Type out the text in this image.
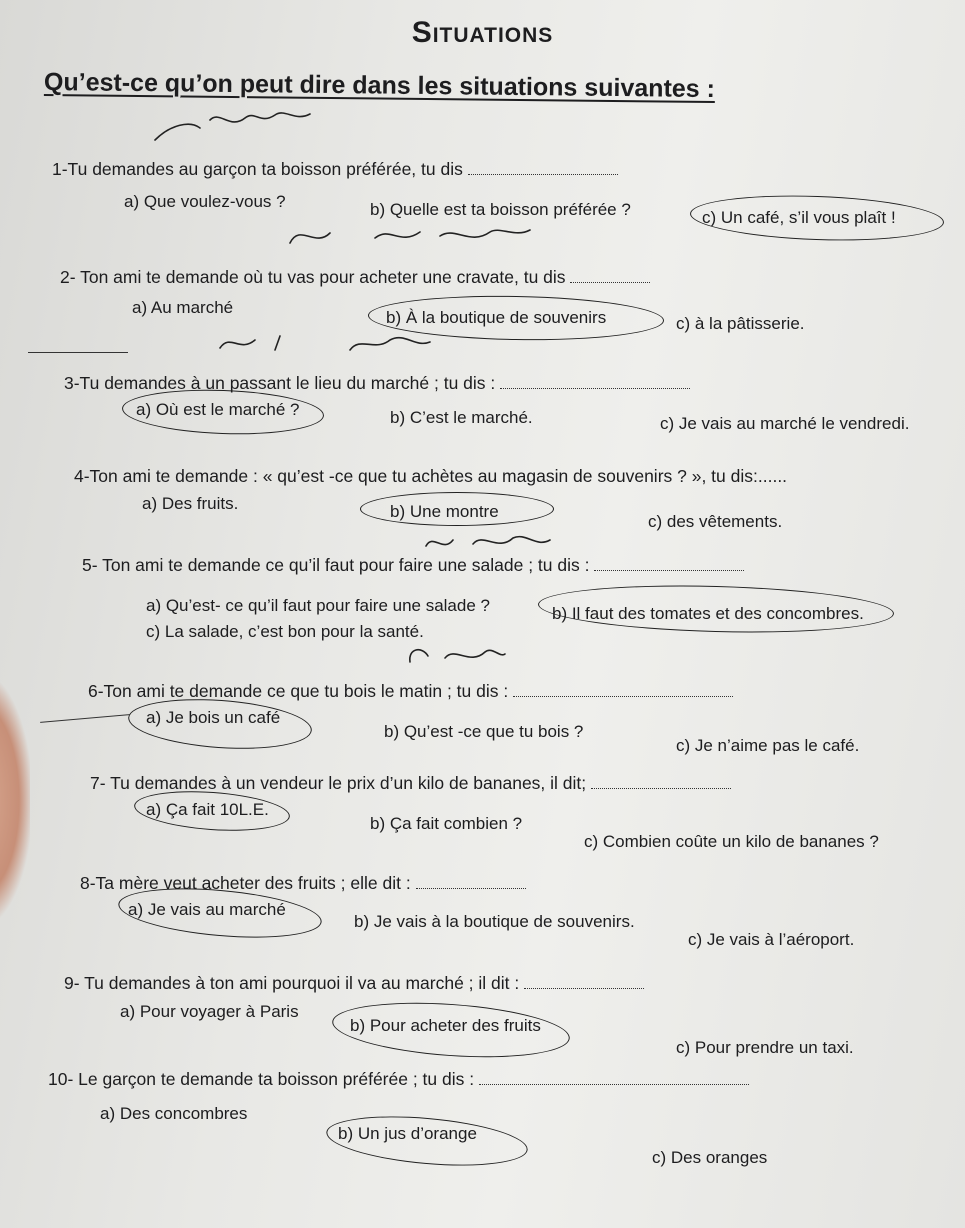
Situations
Qu’est-ce qu’on peut dire dans les situations suivantes :
1-Tu demandes au garçon ta boisson préférée, tu dis
a) Que voulez-vous ?	b) Quelle est ta boisson préférée ?	c) Un café, s’il vous plaît !
2- Ton ami te demande où tu vas pour acheter une cravate, tu dis
a) Au marché
b) À la boutique de souvenirs	c) à la pâtisserie.
3-Tu demandes à un passant le lieu du marché ; tu dis :
a) Où est le marché ?	b) C’est le marché.	c) Je vais au marché le vendredi.
4-Ton ami te demande : « qu’est -ce que tu achètes au magasin de souvenirs ? », tu dis:......
a) Des fruits.	b) Une montre
c) des vêtements.
5- Ton ami te demande ce qu’il faut pour faire une salade ; tu dis :
a) Qu’est- ce qu’il faut pour faire une salade ?	b) Il faut des tomates et des concombres.
c) La salade, c’est bon pour la santé.
6-Ton ami te demande ce que tu bois le matin ; tu dis :
a) Je bois un café
b) Qu’est -ce que tu bois ?
c) Je n’aime pas le café.
7- Tu demandes à un vendeur le prix d’un kilo de bananes, il dit;
a) Ça fait 10L.E.
b) Ça fait combien ?
c) Combien coûte un kilo de bananes ?
8-Ta mère veut acheter des fruits ; elle dit :
a) Je vais au marché
b) Je vais à la boutique de souvenirs.
c) Je vais à l’aéroport.
9- Tu demandes à ton ami pourquoi il va au marché ; il dit :
a) Pour voyager à Paris
b) Pour acheter des fruits
c) Pour prendre un taxi.
10- Le garçon te demande ta boisson préférée ; tu dis :
a) Des concombres
b) Un jus d’orange
c) Des oranges
